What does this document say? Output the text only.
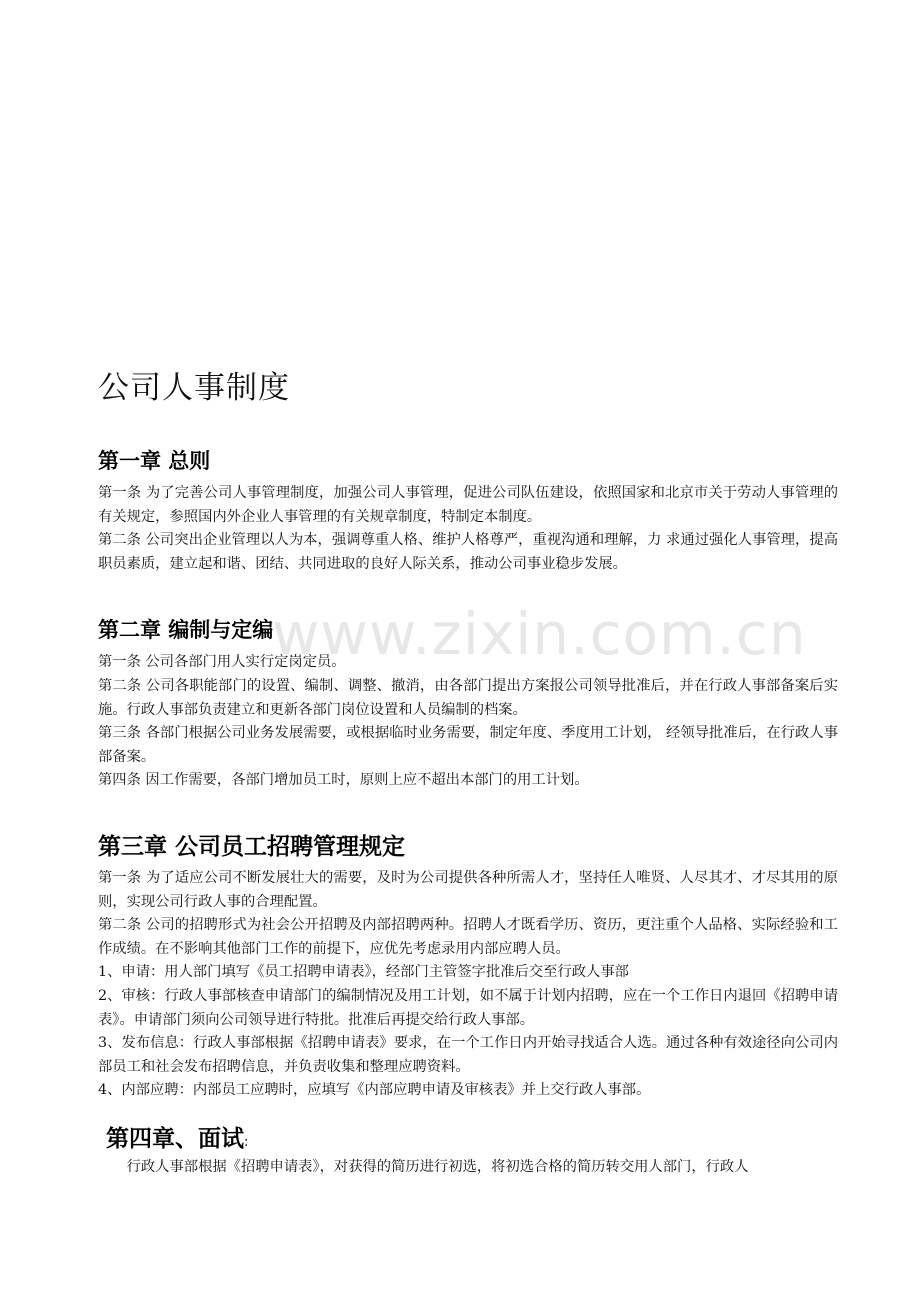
公司人事制度
第一章 总则

第一条 为了完善公司人事管理制度，加强公司人事管理，促进公司队伍建设，依照国家和北京市关于劳动人事管理的有关规定，参照国内外企业人事管理的有关规章制度，特制定本制度。

第二条 公司突出企业管理以人为本，强调尊重人格、维护人格尊严，重视沟通和理解，力 求通过强化人事管理，提高职员素质，建立起和谐、团结、共同进取的良好人际关系，推动公司事业稳步发展。

第二章 编制与定编

第一条 公司各部门用人实行定岗定员。

第二条 公司各职能部门的设置、编制、调整、撤消，由各部门提出方案报公司领导批准后，并在行政人事部备案后实施。行政人事部负责建立和更新各部门岗位设置和人员编制的档案。

第三条 各部门根据公司业务发展需要，或根据临时业务需要，制定年度、季度用工计划， 经领导批准后，在行政人事部备案。

第四条 因工作需要，各部门增加员工时，原则上应不超出本部门的用工计划。

第三章 公司员工招聘管理规定

第一条 为了适应公司不断发展壮大的需要，及时为公司提供各种所需人才，坚持任人唯贤、人尽其才、才尽其用的原则，实现公司行政人事的合理配置。

第二条 公司的招聘形式为社会公开招聘及内部招聘两种。招聘人才既看学历、资历，更注重个人品格、实际经验和工作成绩。在不影响其他部门工作的前提下，应优先考虑录用内部应聘人员。

1、申请：用人部门填写《员工招聘申请表》，经部门主管签字批准后交至行政人事部

2、审核：行政人事部核查申请部门的编制情况及用工计划，如不属于计划内招聘，应在一个工作日内退回《招聘申请表》。申请部门须向公司领导进行特批。批准后再提交给行政人事部。

3、发布信息：行政人事部根据《招聘申请表》要求，在一个工作日内开始寻找适合人选。通过各种有效途径向公司内部员工和社会发布招聘信息，并负责收集和整理应聘资料。

4、内部应聘：内部员工应聘时，应填写《内部应聘申请及审核表》并上交行政人事部。

第四章、面试:

行政人事部根据《招聘申请表》，对获得的简历进行初选，将初选合格的简历转交用人部门，行政人

www.zixin.com.cn
